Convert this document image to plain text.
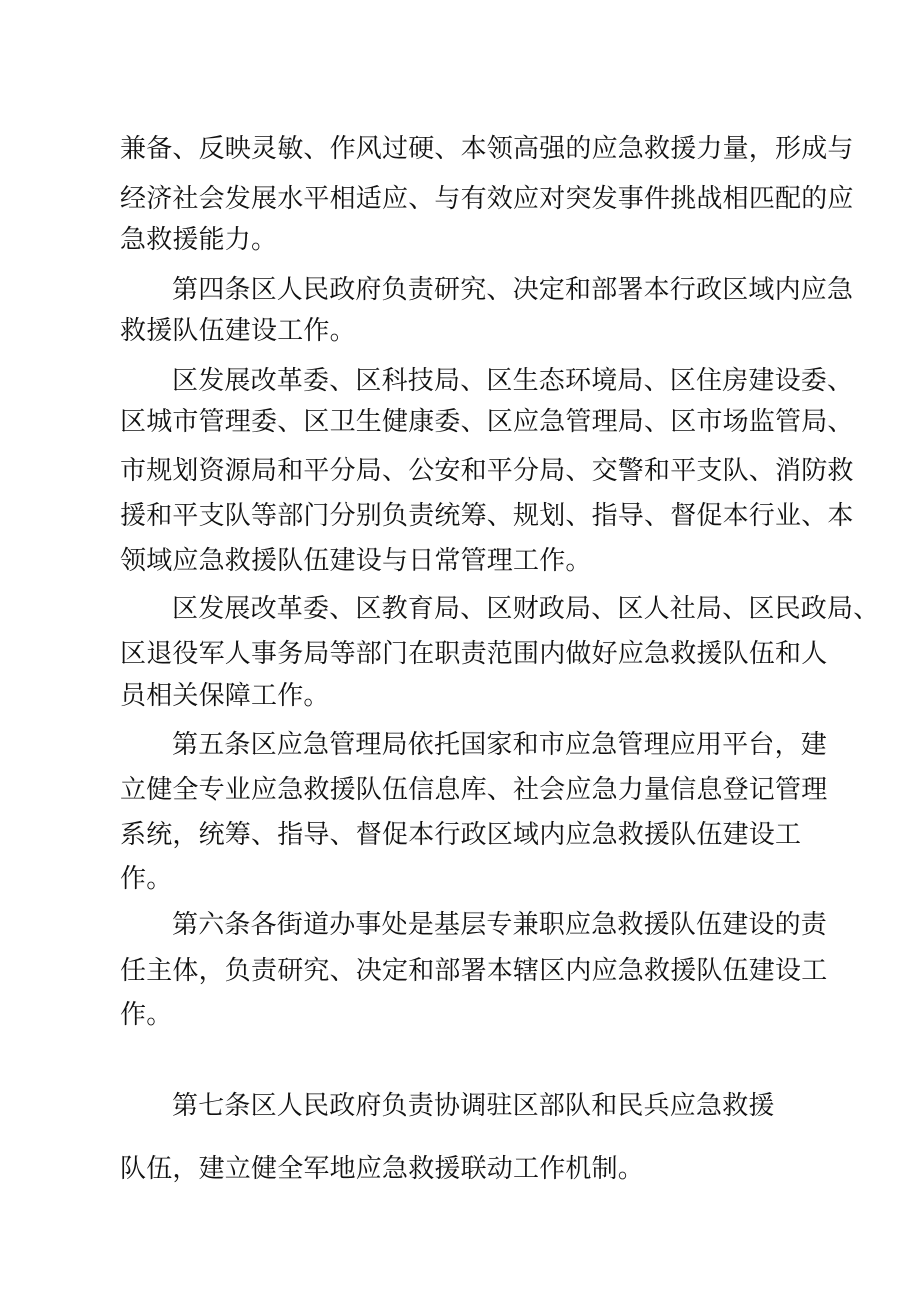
兼备、反映灵敏、作风过硬、本领高强的应急救援力量，形成与
经济社会发展水平相适应、与有效应对突发事件挑战相匹配的应
急救援能力。
第四条区人民政府负责研究、决定和部署本行政区域内应急
救援队伍建设工作。
区发展改革委、区科技局、区生态环境局、区住房建设委、
区城市管理委、区卫生健康委、区应急管理局、区市场监管局、
市规划资源局和平分局、公安和平分局、交警和平支队、消防救
援和平支队等部门分别负责统筹、规划、指导、督促本行业、本
领域应急救援队伍建设与日常管理工作。
区发展改革委、区教育局、区财政局、区人社局、区民政局、
区退役军人事务局等部门在职责范围内做好应急救援队伍和人
员相关保障工作。
第五条区应急管理局依托国家和市应急管理应用平台，建
立健全专业应急救援队伍信息库、社会应急力量信息登记管理
系统，统筹、指导、督促本行政区域内应急救援队伍建设工
作。
第六条各街道办事处是基层专兼职应急救援队伍建设的责
任主体，负责研究、决定和部署本辖区内应急救援队伍建设工
作。
第七条区人民政府负责协调驻区部队和民兵应急救援
队伍，建立健全军地应急救援联动工作机制。
